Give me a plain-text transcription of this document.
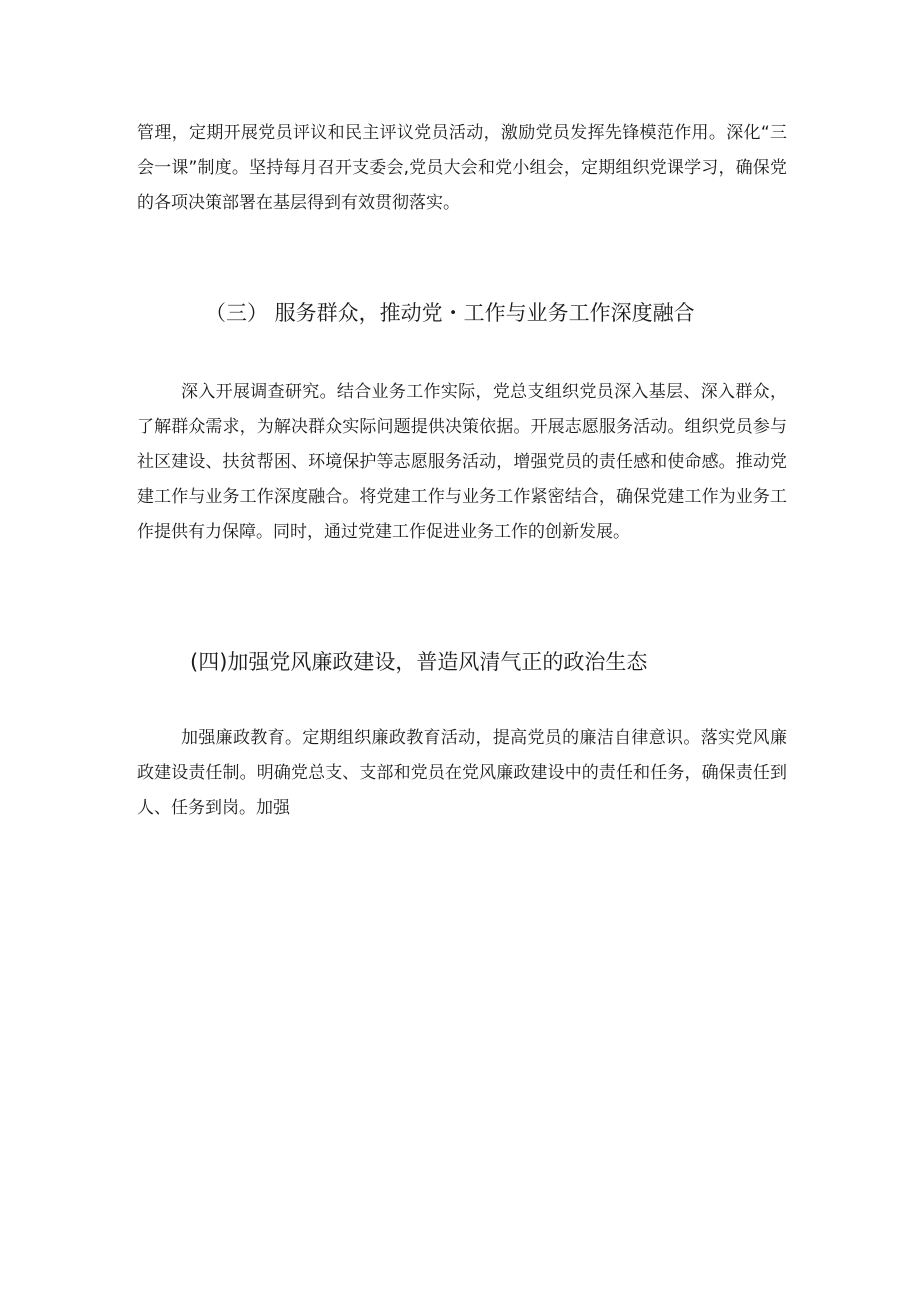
管理，定期开展党员评议和民主评议党员活动，激励党员发挥先锋模范作用。深化“三
会一课”制度。坚持每月召开支委会,党员大会和党小组会，定期组织党课学习，确保党
的各项决策部署在基层得到有效贯彻落实。
（三） 服务群众，推动党・工作与业务工作深度融合
深入开展调查研究。结合业务工作实际，党总支组织党员深入基层、深入群众，
了解群众需求，为解决群众实际问题提供决策依据。开展志愿服务活动。组织党员参与
社区建设、扶贫帮困、环境保护等志愿服务活动，增强党员的责任感和使命感。推动党
建工作与业务工作深度融合。将党建工作与业务工作紧密结合，确保党建工作为业务工
作提供有力保障。同时，通过党建工作促进业务工作的创新发展。
(四)加强党风廉政建设，普造风清气正的政治生态
加强廉政教育。定期组织廉政教育活动，提高党员的廉洁自律意识。落实党风廉
政建设责任制。明确党总支、支部和党员在党风廉政建设中的责任和任务，确保责任到
人、任务到岗。加强
